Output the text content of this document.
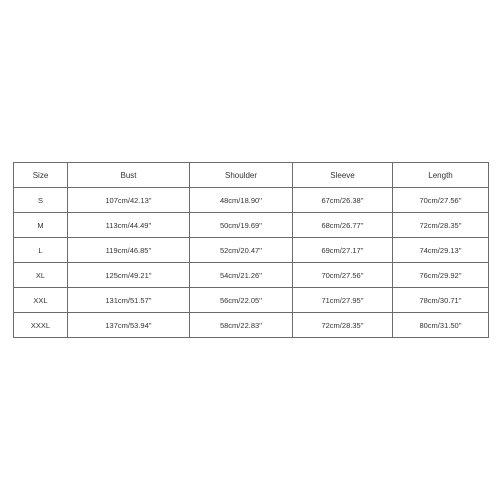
Size	Bust	Shoulder	Sleeve	Length
S	107cm/42.13''	48cm/18.90''	67cm/26.38''	70cm/27.56''
M	113cm/44.49''	50cm/19.69''	68cm/26.77''	72cm/28.35''
L	119cm/46.85''	52cm/20.47''	69cm/27.17''	74cm/29.13''
XL	125cm/49.21''	54cm/21.26''	70cm/27.56''	76cm/29.92''
XXL	131cm/51.57''	56cm/22.05''	71cm/27.95''	78cm/30.71''
XXXL	137cm/53.94''	58cm/22.83''	72cm/28.35''	80cm/31.50''
